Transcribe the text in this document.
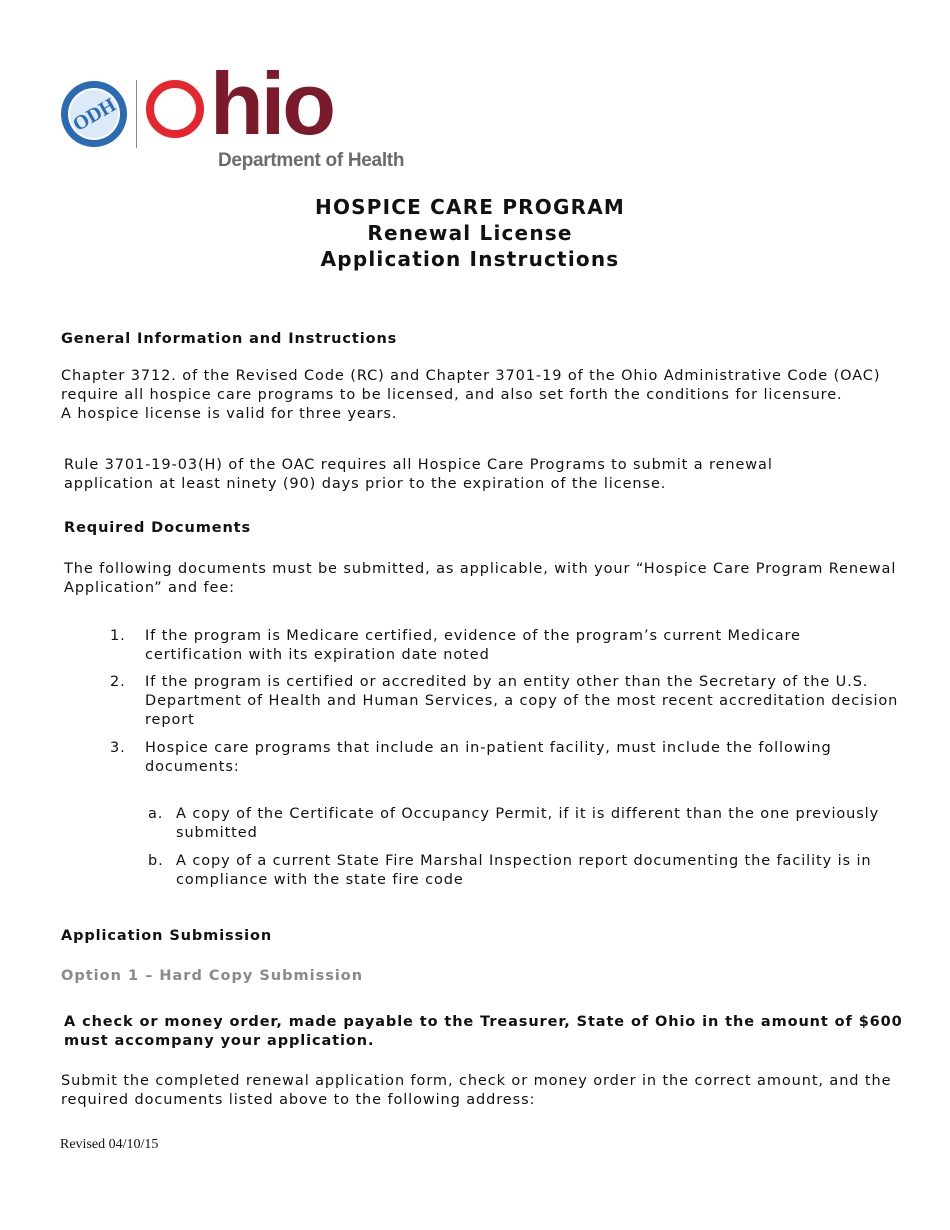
ODH hio
Department of Health
HOSPICE CARE PROGRAM
Renewal License
Application Instructions
General Information and Instructions
Chapter 3712. of the Revised Code (RC) and Chapter 3701-19 of the Ohio Administrative Code (OAC)
require all hospice care programs to be licensed, and also set forth the conditions for licensure.
A hospice license is valid for three years.
Rule 3701-19-03(H) of the OAC requires all Hospice Care Programs to submit a renewal
application at least ninety (90) days prior to the expiration of the license.
Required Documents
The following documents must be submitted, as applicable, with your “Hospice Care Program Renewal
Application” and fee:
1.	If the program is Medicare certified, evidence of the program’s current Medicare
certification with its expiration date noted
2.	If the program is certified or accredited by an entity other than the Secretary of the U.S.
Department of Health and Human Services, a copy of the most recent accreditation decision
report
3.	Hospice care programs that include an in-patient facility, must include the following
documents:
a. A copy of the Certificate of Occupancy Permit, if it is different than the one previously
submitted
b. A copy of a current State Fire Marshal Inspection report documenting the facility is in
compliance with the state fire code
Application Submission
Option 1 – Hard Copy Submission
A check or money order, made payable to the Treasurer, State of Ohio in the amount of $600
must accompany your application.
Submit the completed renewal application form, check or money order in the correct amount, and the
required documents listed above to the following address:
Revised 04/10/15
